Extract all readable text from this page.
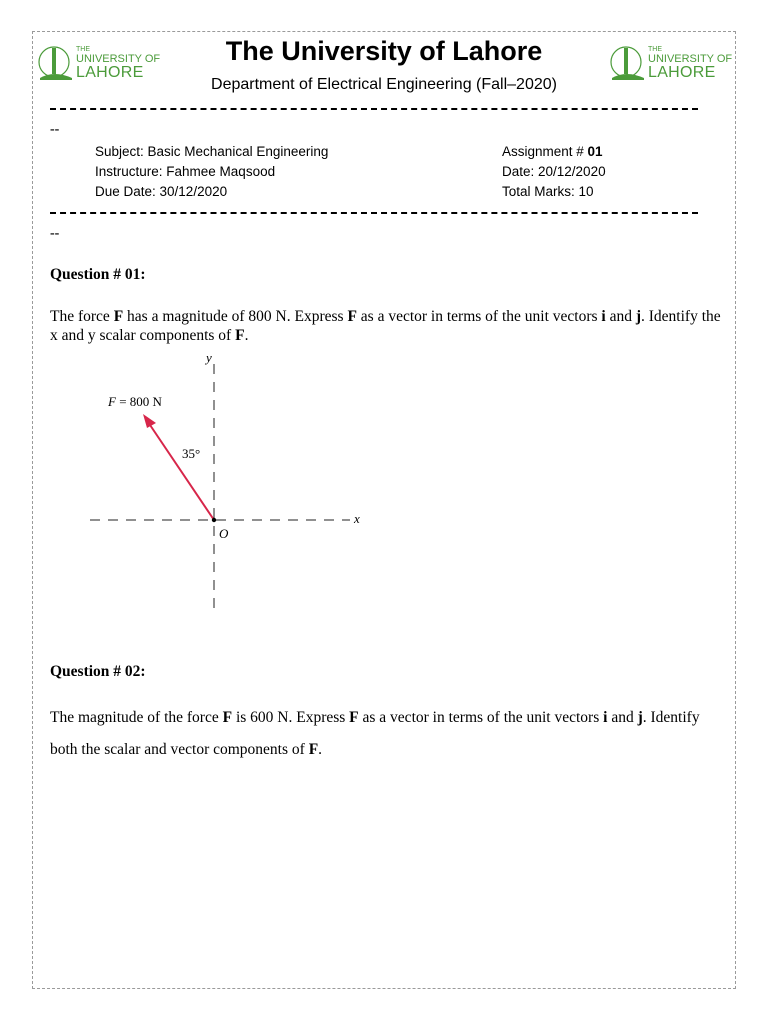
THE
UNIVERSITY OF
LAHORE
THE
UNIVERSITY OF
LAHORE
The University of Lahore
Department of Electrical Engineering (Fall–2020)
--
Subject: Basic Mechanical Engineering
Instructure: Fahmee Maqsood
Due Date: 30/12/2020
Assignment # 01
Date: 20/12/2020
Total Marks: 10
--
Question # 01:
The force F has a magnitude of 800 N. Express F as a vector in terms of the unit vectors i and j. Identify the x and y scalar components of F.
y
x
O
35°
F = 800 N
Question # 02:
The magnitude of the force F is 600 N. Express F as a vector in terms of the unit vectors i and j. Identify both the scalar and vector components of F.
